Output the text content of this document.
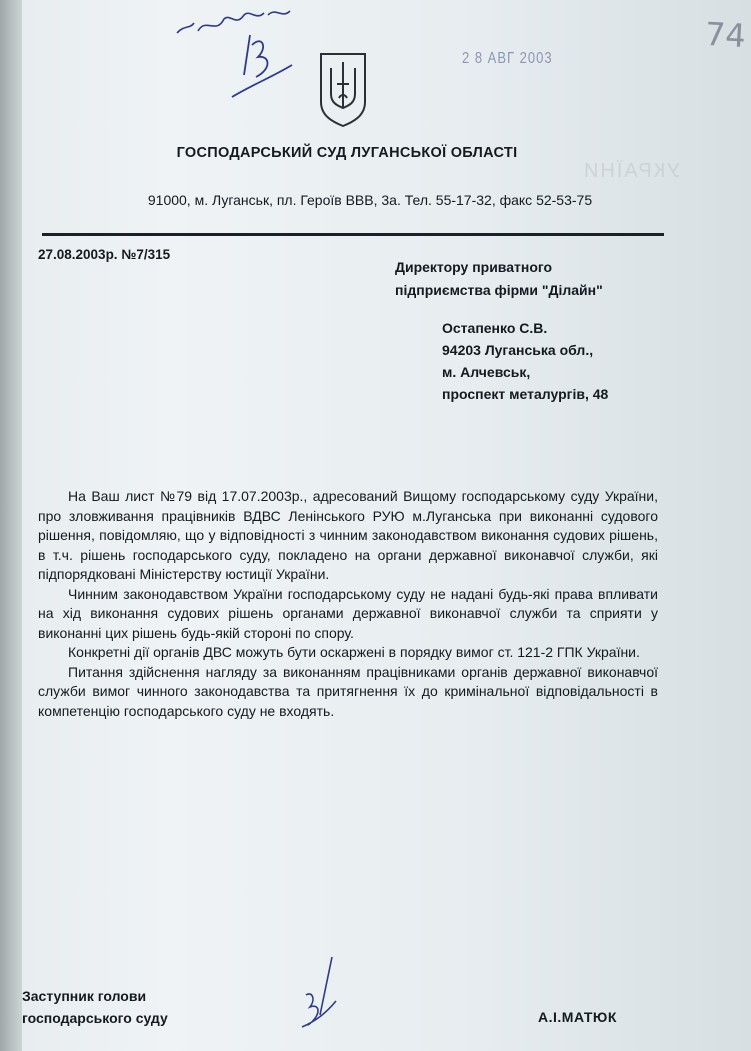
УКРАЇНИ
2 8 АВГ 2003
74
ГОСПОДАРСЬКИЙ СУД ЛУГАНСЬКОЇ ОБЛАСТІ
91000, м. Луганськ, пл. Героїв ВВВ, 3а. Тел. 55-17-32, факс 52-53-75
27.08.2003р. №7/315
Директору приватного
підприємства фірми "Ділайн"
Остапенко С.В.
94203 Луганська обл.,
м. Алчевськ,
проспект металургів, 48

На Ваш лист №79 від 17.07.2003р., адресований Вищому господарському суду України, про зловживання працівників ВДВС Ленінського РУЮ м.Луганська при виконанні судового рішення, повідомляю, що у відповідності з чинним законодавством виконання судових рішень, в т.ч. рішень господарського суду, покладено на органи державної виконавчої служби, які підпорядковані Міністерству юстиції України.

Чинним законодавством України господарському суду не надані будь-які права впливати на хід виконання судових рішень органами державної виконавчої служби та сприяти у виконанні цих рішень будь-якій стороні по спору.

Конкретні дії органів ДВС можуть бути оскаржені в порядку вимог ст. 121-2 ГПК України.

Питання здійснення нагляду за виконанням працівниками органів державної виконавчої служби вимог чинного законодавства та притягнення їх до кримінальної відповідальності в компетенцію господарського суду не входять.

Заступник голови
господарського суду	А.І.МАТЮК
